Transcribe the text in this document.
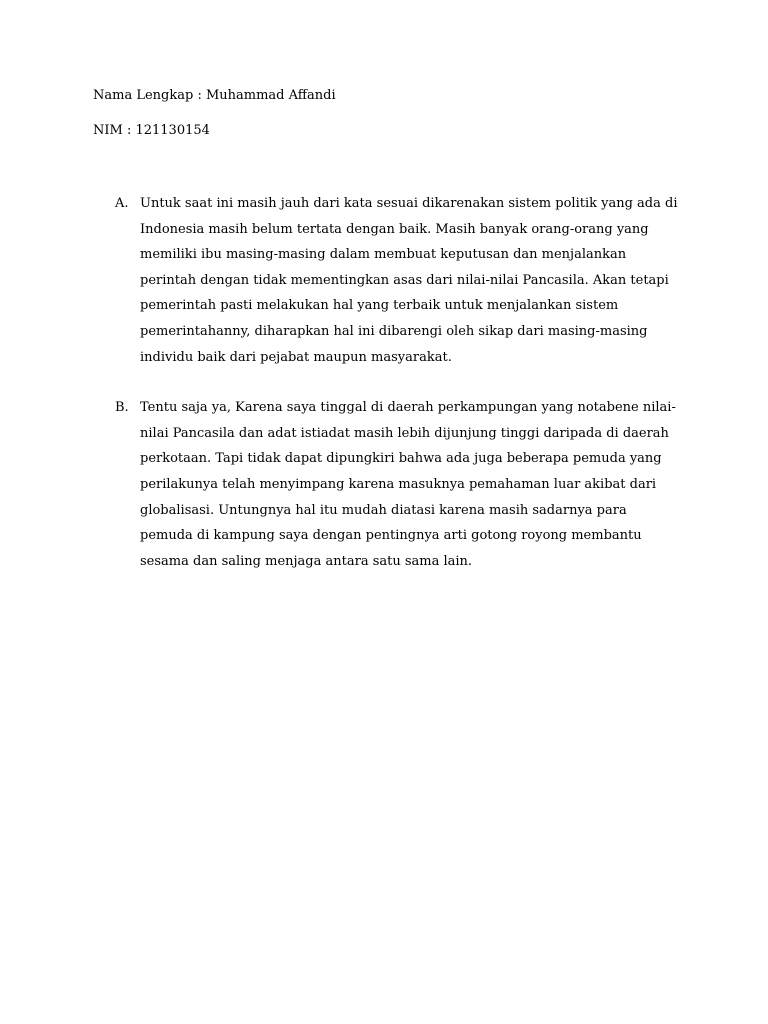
Nama Lengkap : Muhammad Affandi
NIM : 121130154
A. Untuk saat ini masih jauh dari kata sesuai dikarenakan sistem politik yang ada di
Indonesia masih belum tertata dengan baik. Masih banyak orang-orang yang
memiliki ibu masing-masing dalam membuat keputusan dan menjalankan
perintah dengan tidak mementingkan asas dari nilai-nilai Pancasila. Akan tetapi
pemerintah pasti melakukan hal yang terbaik untuk menjalankan sistem
pemerintahanny, diharapkan hal ini dibarengi oleh sikap dari masing-masing
individu baik dari pejabat maupun masyarakat.
B. Tentu saja ya, Karena saya tinggal di daerah perkampungan yang notabene nilai-
nilai Pancasila dan adat istiadat masih lebih dijunjung tinggi daripada di daerah
perkotaan. Tapi tidak dapat dipungkiri bahwa ada juga beberapa pemuda yang
perilakunya telah menyimpang karena masuknya pemahaman luar akibat dari
globalisasi. Untungnya hal itu mudah diatasi karena masih sadarnya para
pemuda di kampung saya dengan pentingnya arti gotong royong membantu
sesama dan saling menjaga antara satu sama lain.
